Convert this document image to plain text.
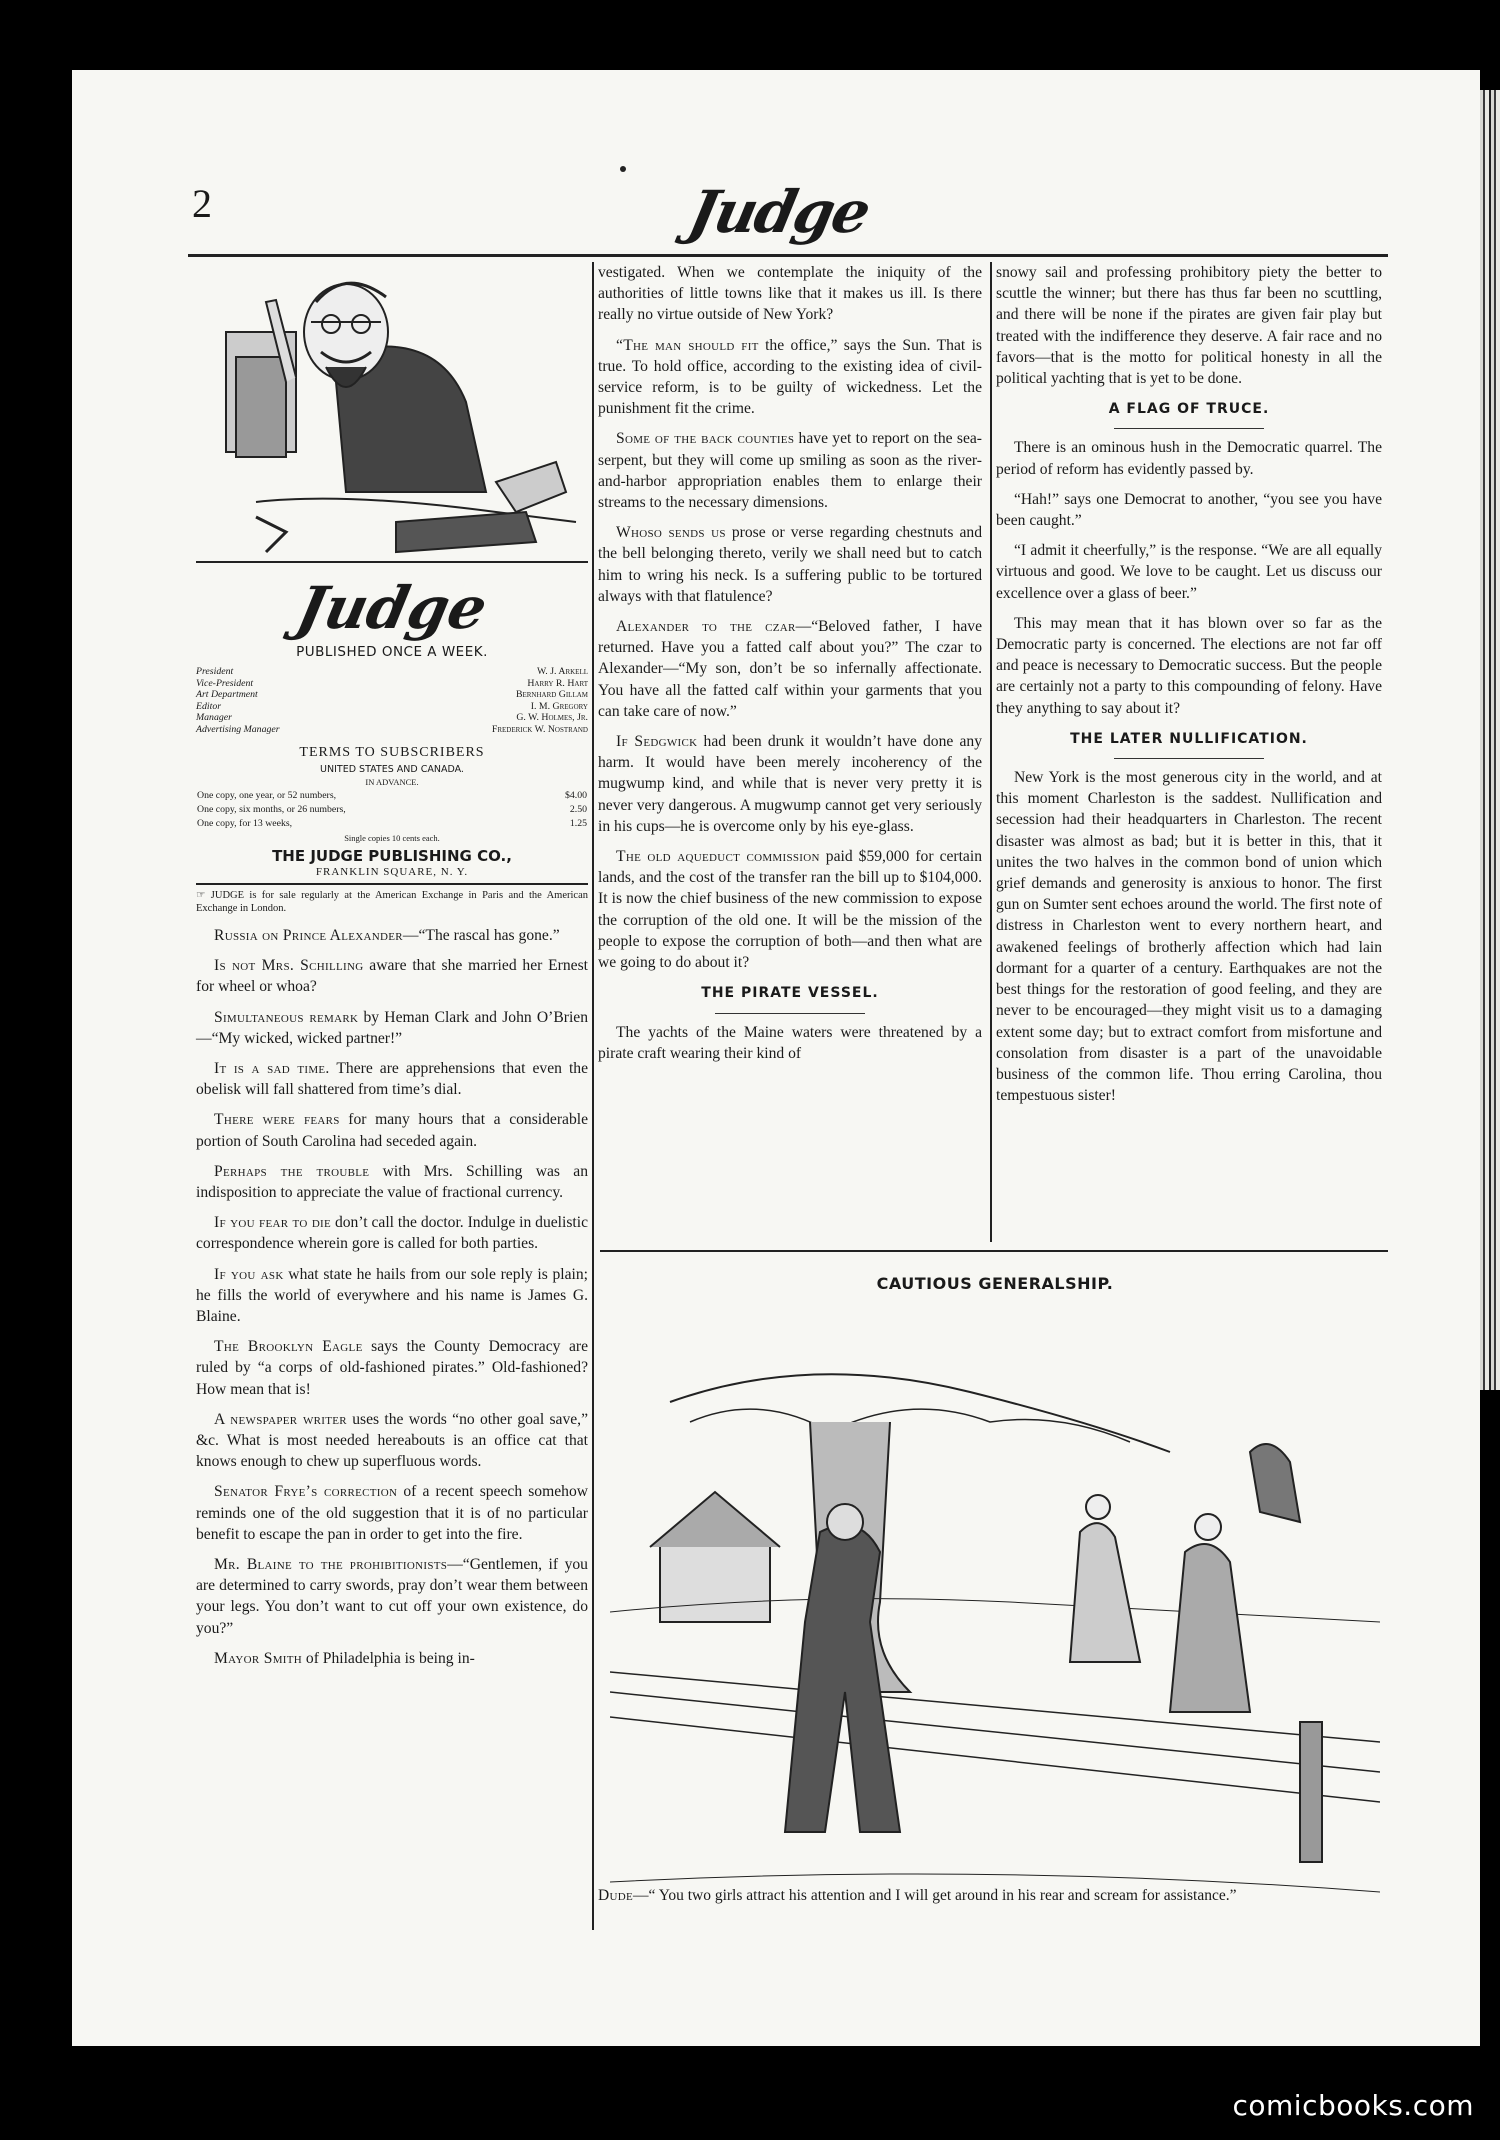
2	Judge
Judge
PUBLISHED ONCE A WEEK.
President	W. J. Arkell
Vice-President	Harry R. Hart
Art Department	Bernhard Gillam
Editor	I. M. Gregory
Manager	G. W. Holmes, Jr.
Advertising Manager	Frederick W. Nostrand
TERMS TO SUBSCRIBERS
UNITED STATES AND CANADA.
IN ADVANCE.
One copy, one year, or 52 numbers,	$4.00
One copy, six months, or 26 numbers,	2.50
One copy, for 13 weeks,	1.25
Single copies 10 cents each.
THE JUDGE PUBLISHING CO.,
FRANKLIN SQUARE, N. Y.
☞ JUDGE is for sale regularly at the American Exchange in Paris and the American Exchange in London.

Russia on Prince Alexander—“The rascal has gone.”

Is not Mrs. Schilling aware that she married her Ernest for wheel or whoa?

Simultaneous remark by Heman Clark and John O’Brien—“My wicked, wicked partner!”

It is a sad time. There are apprehensions that even the obelisk will fall shattered from time’s dial.

There were fears for many hours that a considerable portion of South Carolina had seceded again.

Perhaps the trouble with Mrs. Schilling was an indisposition to appreciate the value of fractional currency.

If you fear to die don’t call the doctor. Indulge in duelistic correspondence wherein gore is called for both parties.

If you ask what state he hails from our sole reply is plain; he fills the world of everywhere and his name is James G. Blaine.

The Brooklyn Eagle says the County Democracy are ruled by “a corps of old-fashioned pirates.” Old-fashioned? How mean that is!

A newspaper writer uses the words “no other goal save,” &c. What is most needed hereabouts is an office cat that knows enough to chew up superfluous words.

Senator Frye’s correction of a recent speech somehow reminds one of the old suggestion that it is of no particular benefit to escape the pan in order to get into the fire.

Mr. Blaine to the prohibitionists—“Gentlemen, if you are determined to carry swords, pray don’t wear them between your legs. You don’t want to cut off your own existence, do you?”

Mayor Smith of Philadelphia is being in-

vestigated. When we contemplate the iniquity of the authorities of little towns like that it makes us ill. Is there really no virtue outside of New York?

“The man should fit the office,” says the Sun. That is true. To hold office, according to the existing idea of civil-service reform, is to be guilty of wickedness. Let the punishment fit the crime.

Some of the back counties have yet to report on the sea-serpent, but they will come up smiling as soon as the river-and-harbor appropriation enables them to enlarge their streams to the necessary dimensions.

Whoso sends us prose or verse regarding chestnuts and the bell belonging thereto, verily we shall need but to catch him to wring his neck. Is a suffering public to be tortured always with that flatulence?

Alexander to the czar—“Beloved father, I have returned. Have you a fatted calf about you?” The czar to Alexander—“My son, don’t be so infernally affectionate. You have all the fatted calf within your garments that you can take care of now.”

If Sedgwick had been drunk it wouldn’t have done any harm. It would have been merely incoherency of the mugwump kind, and while that is never very pretty it is never very dangerous. A mugwump cannot get very seriously in his cups—he is overcome only by his eye-glass.

The old aqueduct commission paid $59,000 for certain lands, and the cost of the transfer ran the bill up to $104,000. It is now the chief business of the new commission to expose the corruption of the old one. It will be the mission of the people to expose the corruption of both—and then what are we going to do about it?

THE PIRATE VESSEL.

The yachts of the Maine waters were threatened by a pirate craft wearing their kind of

snowy sail and professing prohibitory piety the better to scuttle the winner; but there has thus far been no scuttling, and there will be none if the pirates are given fair play but treated with the indifference they deserve. A fair race and no favors—that is the motto for political honesty in all the political yachting that is yet to be done.

A FLAG OF TRUCE.

There is an ominous hush in the Democratic quarrel. The period of reform has evidently passed by.

“Hah!” says one Democrat to another, “you see you have been caught.”

“I admit it cheerfully,” is the response. “We are all equally virtuous and good. We love to be caught. Let us discuss our excellence over a glass of beer.”

This may mean that it has blown over so far as the Democratic party is concerned. The elections are not far off and peace is necessary to Democratic success. But the people are certainly not a party to this compounding of felony. Have they anything to say about it?

THE LATER NULLIFICATION.

New York is the most generous city in the world, and at this moment Charleston is the saddest. Nullification and secession had their headquarters in Charleston. The recent disaster was almost as bad; but it is better in this, that it unites the two halves in the common bond of union which grief demands and generosity is anxious to honor. The first gun on Sumter sent echoes around the world. The first note of distress in Charleston went to every northern heart, and awakened feelings of brotherly affection which had lain dormant for a quarter of a century. Earthquakes are not the best things for the restoration of good feeling, and they are never to be encouraged—they might visit us to a damaging extent some day; but to extract comfort from misfortune and consolation from disaster is a part of the unavoidable business of the common life. Thou erring Carolina, thou tempestuous sister!

CAUTIOUS GENERALSHIP.
Dude—“ You two girls attract his attention and I will get around in his rear and scream for assistance.”
comicbooks.com
